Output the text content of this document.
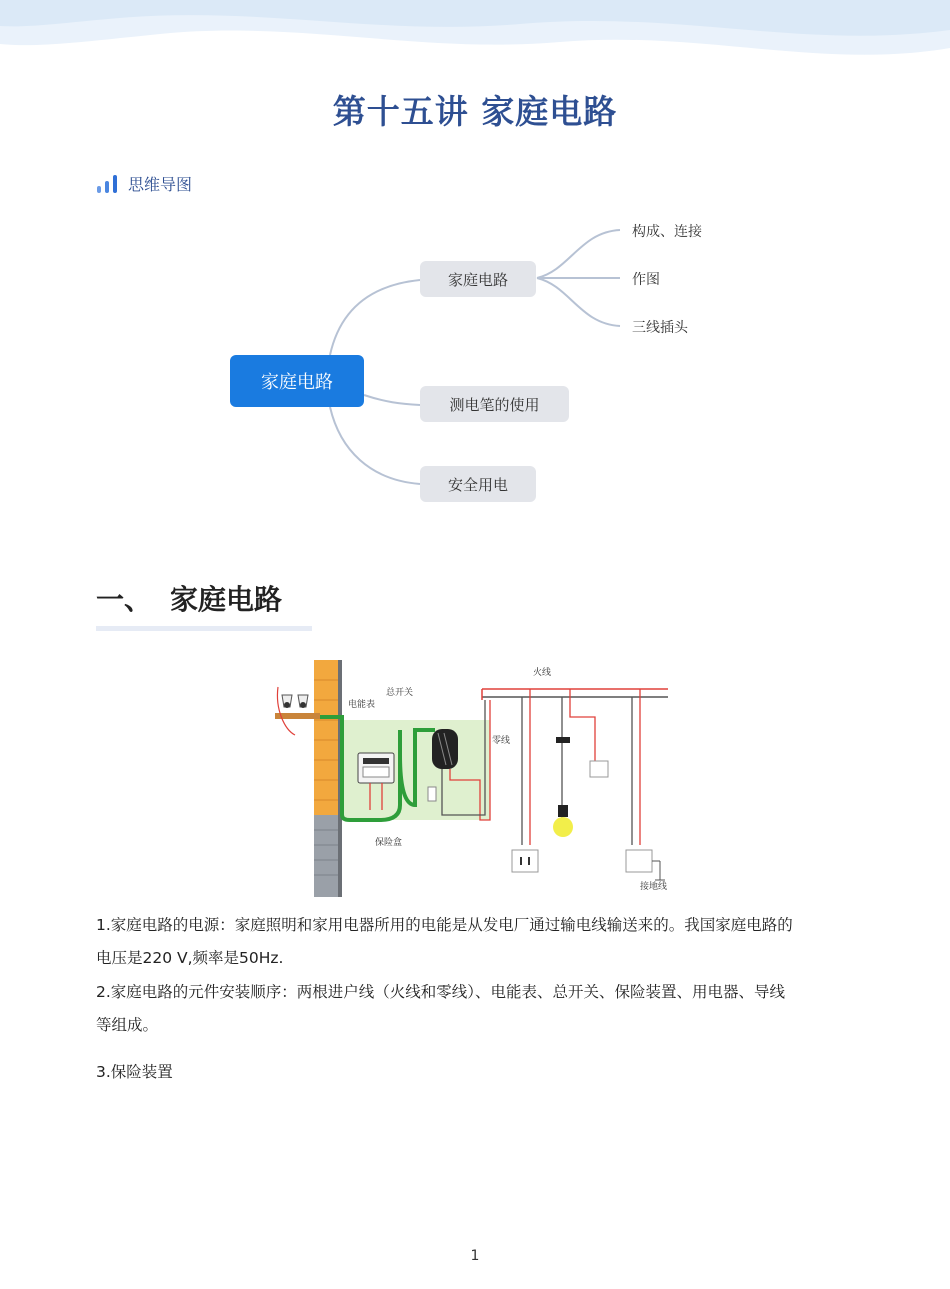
第十五讲 家庭电路
思维导图
家庭电路
家庭电路
测电笔的使用
安全用电
构成、连接
作图
三线插头
一、 家庭电路
电能表
总开关
保险盒
火线
零线
接地线
1.家庭电路的电源：家庭照明和家用电器所用的电能是从发电厂通过输电线输送来的。我国家庭电路的
电压是220 V,频率是50Hz.
2.家庭电路的元件安装顺序：两根进户线（火线和零线）、电能表、总开关、保险装置、用电器、导线
等组成。
3.保险装置
1
